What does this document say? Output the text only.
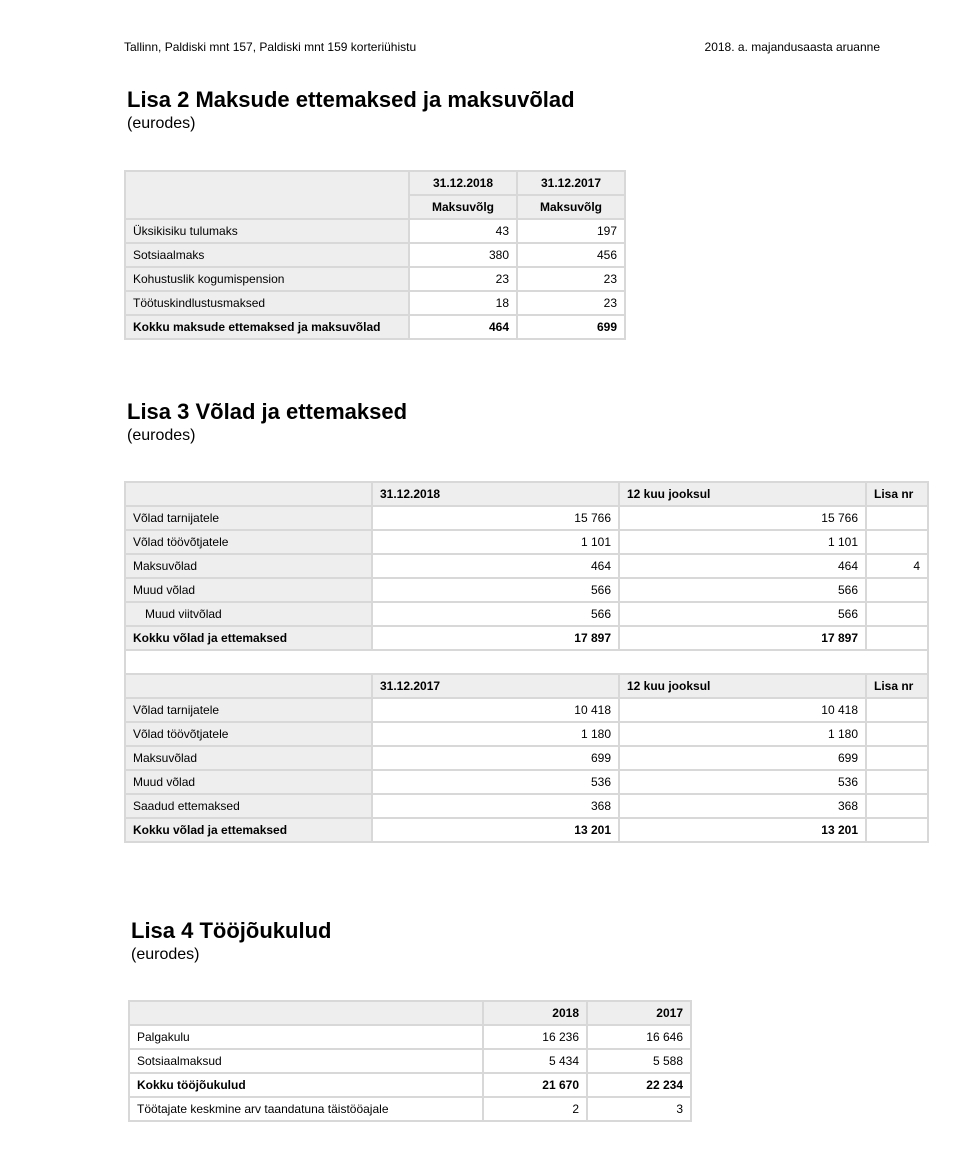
Tallinn, Paldiski mnt 157, Paldiski mnt 159 korteriühistu	2018. a. majandusaasta aruanne
Lisa 2 Maksude ettemaksed ja maksuvõlad
(eurodes)
	31.12.2018	31.12.2017
	Maksuvõlg	Maksuvõlg
Üksikisiku tulumaks	43	197
Sotsiaalmaks	380	456
Kohustuslik kogumispension	23	23
Töötuskindlustusmaksed	18	23
Kokku maksude ettemaksed ja maksuvõlad	464	699
Lisa 3 Võlad ja ettemaksed
(eurodes)
	31.12.2018	12 kuu jooksul	Lisa nr
Võlad tarnijatele	15 766	15 766	
Võlad töövõtjatele	1 101	1 101	
Maksuvõlad	464	464	4
Muud võlad	566	566	
Muud viitvõlad	566	566	
Kokku võlad ja ettemaksed	17 897	17 897	

	31.12.2017	12 kuu jooksul	Lisa nr
Võlad tarnijatele	10 418	10 418	
Võlad töövõtjatele	1 180	1 180	
Maksuvõlad	699	699	
Muud võlad	536	536	
Saadud ettemaksed	368	368	
Kokku võlad ja ettemaksed	13 201	13 201	
Lisa 4 Tööjõukulud
(eurodes)
	2018	2017
Palgakulu	16 236	16 646
Sotsiaalmaksud	5 434	5 588
Kokku tööjõukulud	21 670	22 234
Töötajate keskmine arv taandatuna täistööajale	2	3
